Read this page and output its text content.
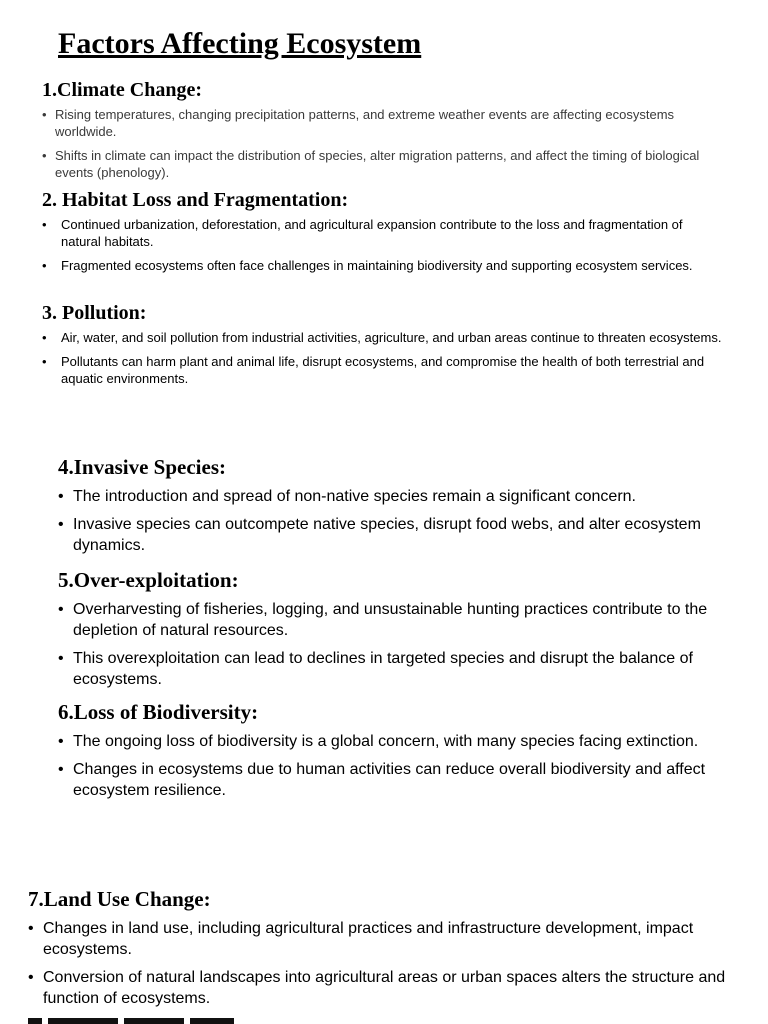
Factors Affecting Ecosystem
1.Climate Change:
• Rising temperatures, changing precipitation patterns, and extreme weather events are affecting ecosystems worldwide.
• Shifts in climate can impact the distribution of species, alter migration patterns, and affect the timing of biological events (phenology).
2. Habitat Loss and Fragmentation:
• Continued urbanization, deforestation, and agricultural expansion contribute to the loss and fragmentation of natural habitats.
• Fragmented ecosystems often face challenges in maintaining biodiversity and supporting ecosystem services.
3. Pollution:
• Air, water, and soil pollution from industrial activities, agriculture, and urban areas continue to threaten ecosystems.
• Pollutants can harm plant and animal life, disrupt ecosystems, and compromise the health of both terrestrial and aquatic environments.
4.Invasive Species:
• The introduction and spread of non-native species remain a significant concern.
• Invasive species can outcompete native species, disrupt food webs, and alter ecosystem dynamics.
5.Over-exploitation:
• Overharvesting of fisheries, logging, and unsustainable hunting practices contribute to the depletion of natural resources.
• This overexploitation can lead to declines in targeted species and disrupt the balance of ecosystems.
6.Loss of Biodiversity:
• The ongoing loss of biodiversity is a global concern, with many species facing extinction.
• Changes in ecosystems due to human activities can reduce overall biodiversity and affect ecosystem resilience.
7.Land Use Change:
• Changes in land use, including agricultural practices and infrastructure development, impact ecosystems.
• Conversion of natural landscapes into agricultural areas or urban spaces alters the structure and function of ecosystems.
